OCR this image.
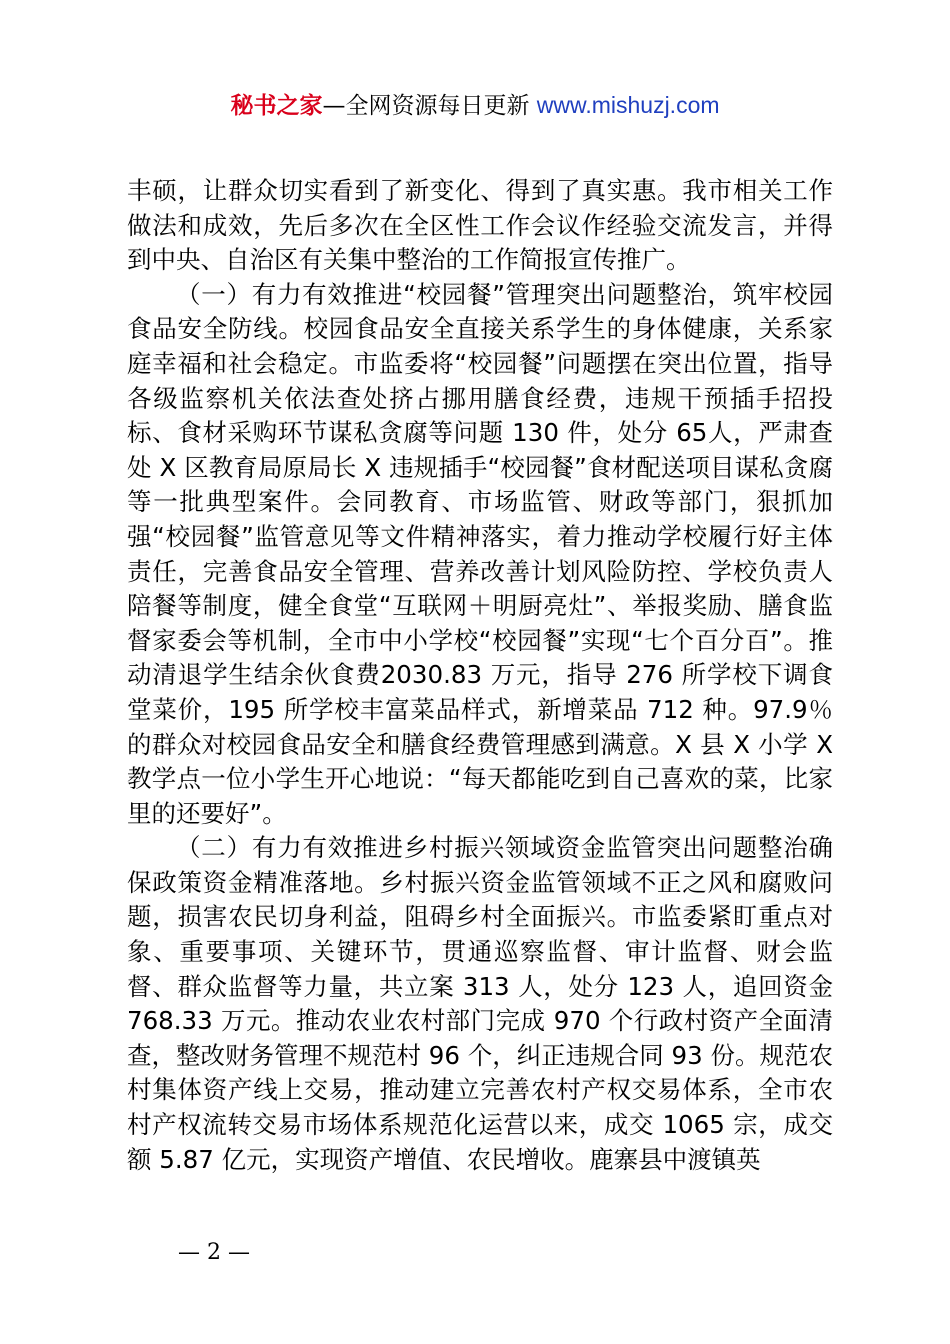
秘书之家—全网资源每日更新 www.mishuzj.com

丰硕，让群众切实看到了新变化、得到了真实惠。我市相关工作做法和成效，先后多次在全区性工作会议作经验交流发言，并得到中央、自治区有关集中整治的工作简报宣传推广。

（一）有力有效推进“校园餐”管理突出问题整治，筑牢校园食品安全防线。校园食品安全直接关系学生的身体健康，关系家庭幸福和社会稳定。市监委将“校园餐”问题摆在突出位置，指导各级监察机关依法查处挤占挪用膳食经费，违规干预插手招投标、食材采购环节谋私贪腐等问题 130 件，处分 65人，严肃查处 X 区教育局原局长 X 违规插手“校园餐”食材配送项目谋私贪腐等一批典型案件。会同教育、市场监管、财政等部门，狠抓加强“校园餐”监管意见等文件精神落实，着力推动学校履行好主体责任，完善食品安全管理、营养改善计划风险防控、学校负责人陪餐等制度，健全食堂“互联网＋明厨亮灶”、举报奖励、膳食监督家委会等机制，全市中小学校“校园餐”实现“七个百分百”。推动清退学生结余伙食费2030.83 万元，指导 276 所学校下调食堂菜价，195 所学校丰富菜品样式，新增菜品 712 种。97.9％的群众对校园食品安全和膳食经费管理感到满意。X 县 X 小学 X 教学点一位小学生开心地说：“每天都能吃到自己喜欢的菜，比家里的还要好”。

（二）有力有效推进乡村振兴领域资金监管突出问题整治确保政策资金精准落地。乡村振兴资金监管领域不正之风和腐败问题，损害农民切身利益，阻碍乡村全面振兴。市监委紧盯重点对象、重要事项、关键环节，贯通巡察监督、审计监督、财会监督、群众监督等力量，共立案 313 人，处分 123 人，追回资金 768.33 万元。推动农业农村部门完成 970 个行政村资产全面清查，整改财务管理不规范村 96 个，纠正违规合同 93 份。规范农村集体资产线上交易，推动建立完善农村产权交易体系，全市农村产权流转交易市场体系规范化运营以来，成交 1065 宗，成交额 5.87 亿元，实现资产增值、农民增收。鹿寨县中渡镇英

— 2 —
